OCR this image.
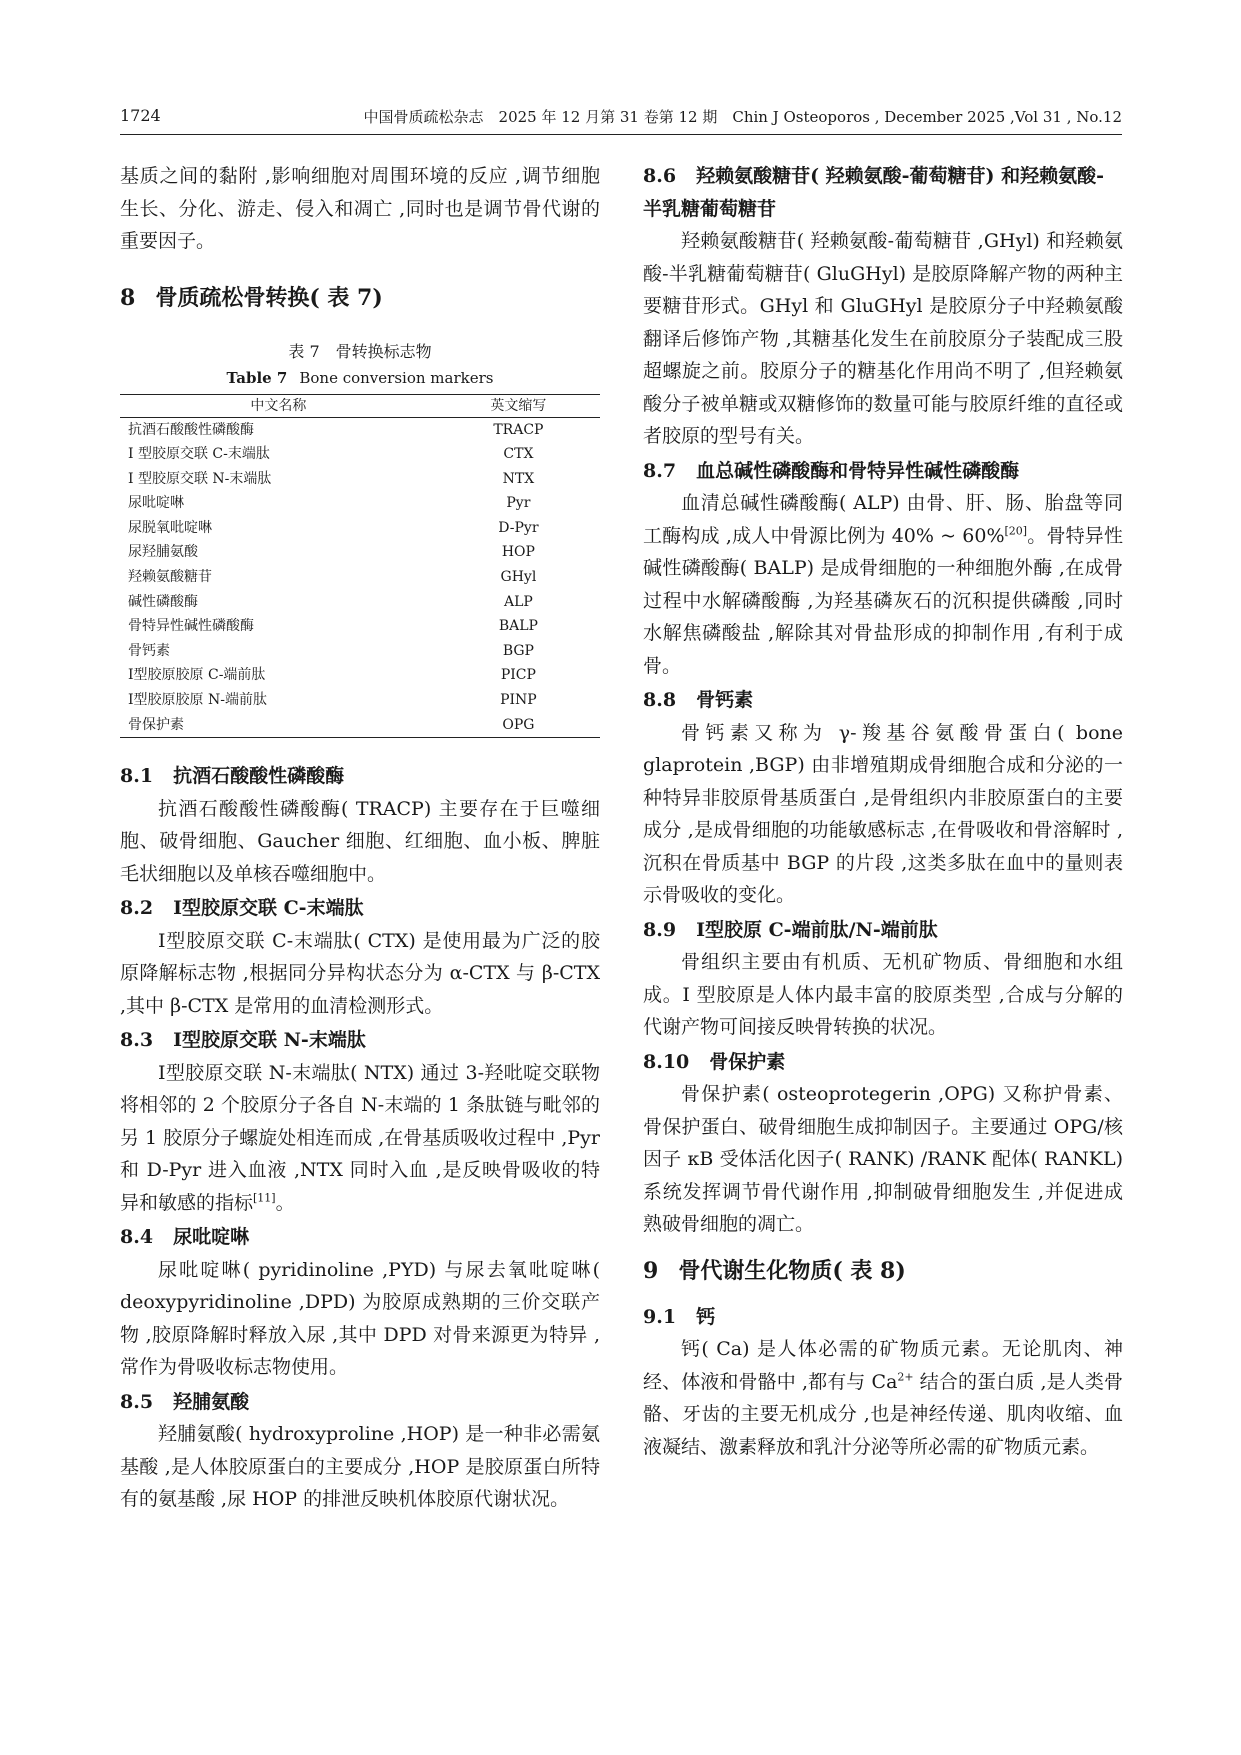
1724	中国骨质疏松杂志　2025 年 12 月第 31 卷第 12 期　Chin J Osteoporos , December 2025 ,Vol 31 , No.12

基质之间的黏附 ,影响细胞对周围环境的反应 ,调节细胞生长、分化、游走、侵入和凋亡 ,同时也是调节骨代谢的重要因子。

8 骨质疏松骨转换( 表 7)
表 7　骨转换标志物
Table 7 Bone conversion markers
中文名称	英文缩写
抗酒石酸酸性磷酸酶	TRACP
I 型胶原交联 C-末端肽	CTX
I 型胶原交联 N-末端肽	NTX
尿吡啶啉	Pyr
尿脱氧吡啶啉	D-Pyr
尿羟脯氨酸	HOP
羟赖氨酸糖苷	GHyl
碱性磷酸酶	ALP
骨特异性碱性磷酸酶	BALP
骨钙素	BGP
Ⅰ型胶原胶原 C-端前肽	PICP
Ⅰ型胶原胶原 N-端前肽	PINP
骨保护素	OPG
8.1 抗酒石酸酸性磷酸酶

抗酒石酸酸性磷酸酶( TRACP) 主要存在于巨噬细胞、破骨细胞、Gaucher 细胞、红细胞、血小板、脾脏毛状细胞以及单核吞噬细胞中。

8.2 Ⅰ型胶原交联 C-末端肽

Ⅰ型胶原交联 C-末端肽( CTX) 是使用最为广泛的胶原降解标志物 ,根据同分异构状态分为 α-CTX 与 β-CTX ,其中 β-CTX 是常用的血清检测形式。

8.3 Ⅰ型胶原交联 N-末端肽

Ⅰ型胶原交联 N-末端肽( NTX) 通过 3-羟吡啶交联物将相邻的 2 个胶原分子各自 N-末端的 1 条肽链与毗邻的另 1 胶原分子螺旋处相连而成 ,在骨基质吸收过程中 ,Pyr 和 D-Pyr 进入血液 ,NTX 同时入血 ,是反映骨吸收的特异和敏感的指标[11]。

8.4 尿吡啶啉

尿吡啶啉( pyridinoline ,PYD) 与尿去氧吡啶啉( deoxypyridinoline ,DPD) 为胶原成熟期的三价交联产物 ,胶原降解时释放入尿 ,其中 DPD 对骨来源更为特异 ,常作为骨吸收标志物使用。

8.5 羟脯氨酸

羟脯氨酸( hydroxyproline ,HOP) 是一种非必需氨基酸 ,是人体胶原蛋白的主要成分 ,HOP 是胶原蛋白所特有的氨基酸 ,尿 HOP 的排泄反映机体胶原代谢状况。

8.6 羟赖氨酸糖苷( 羟赖氨酸-葡萄糖苷) 和羟赖氨酸-半乳糖葡萄糖苷

羟赖氨酸糖苷( 羟赖氨酸-葡萄糖苷 ,GHyl) 和羟赖氨酸-半乳糖葡萄糖苷( GluGHyl) 是胶原降解产物的两种主要糖苷形式。GHyl 和 GluGHyl 是胶原分子中羟赖氨酸翻译后修饰产物 ,其糖基化发生在前胶原分子装配成三股超螺旋之前。胶原分子的糖基化作用尚不明了 ,但羟赖氨酸分子被单糖或双糖修饰的数量可能与胶原纤维的直径或者胶原的型号有关。

8.7 血总碱性磷酸酶和骨特异性碱性磷酸酶

血清总碱性磷酸酶( ALP) 由骨、肝、肠、胎盘等同工酶构成 ,成人中骨源比例为 40% ~ 60%[20]。骨特异性碱性磷酸酶( BALP) 是成骨细胞的一种细胞外酶 ,在成骨过程中水解磷酸酶 ,为羟基磷灰石的沉积提供磷酸 ,同时水解焦磷酸盐 ,解除其对骨盐形成的抑制作用 ,有利于成骨。

8.8 骨钙素

骨钙素又称为 γ-羧基谷氨酸骨蛋白( bone glaprotein ,BGP) 由非增殖期成骨细胞合成和分泌的一种特异非胶原骨基质蛋白 ,是骨组织内非胶原蛋白的主要成分 ,是成骨细胞的功能敏感标志 ,在骨吸收和骨溶解时 ,沉积在骨质基中 BGP 的片段 ,这类多肽在血中的量则表示骨吸收的变化。

8.9 Ⅰ型胶原 C-端前肽/N-端前肽

骨组织主要由有机质、无机矿物质、骨细胞和水组成。I 型胶原是人体内最丰富的胶原类型 ,合成与分解的代谢产物可间接反映骨转换的状况。

8.10 骨保护素

骨保护素( osteoprotegerin ,OPG) 又称护骨素、骨保护蛋白、破骨细胞生成抑制因子。主要通过 OPG/核因子 κB 受体活化因子( RANK) /RANK 配体( RANKL) 系统发挥调节骨代谢作用 ,抑制破骨细胞发生 ,并促进成熟破骨细胞的凋亡。

9 骨代谢生化物质( 表 8)
9.1 钙

钙( Ca) 是人体必需的矿物质元素。无论肌肉、神经、体液和骨骼中 ,都有与 $Ca^{2+}$ 结合的蛋白质 ,是人类骨骼、牙齿的主要无机成分 ,也是神经传递、肌肉收缩、血液凝结、激素释放和乳汁分泌等所必需的矿物质元素。
